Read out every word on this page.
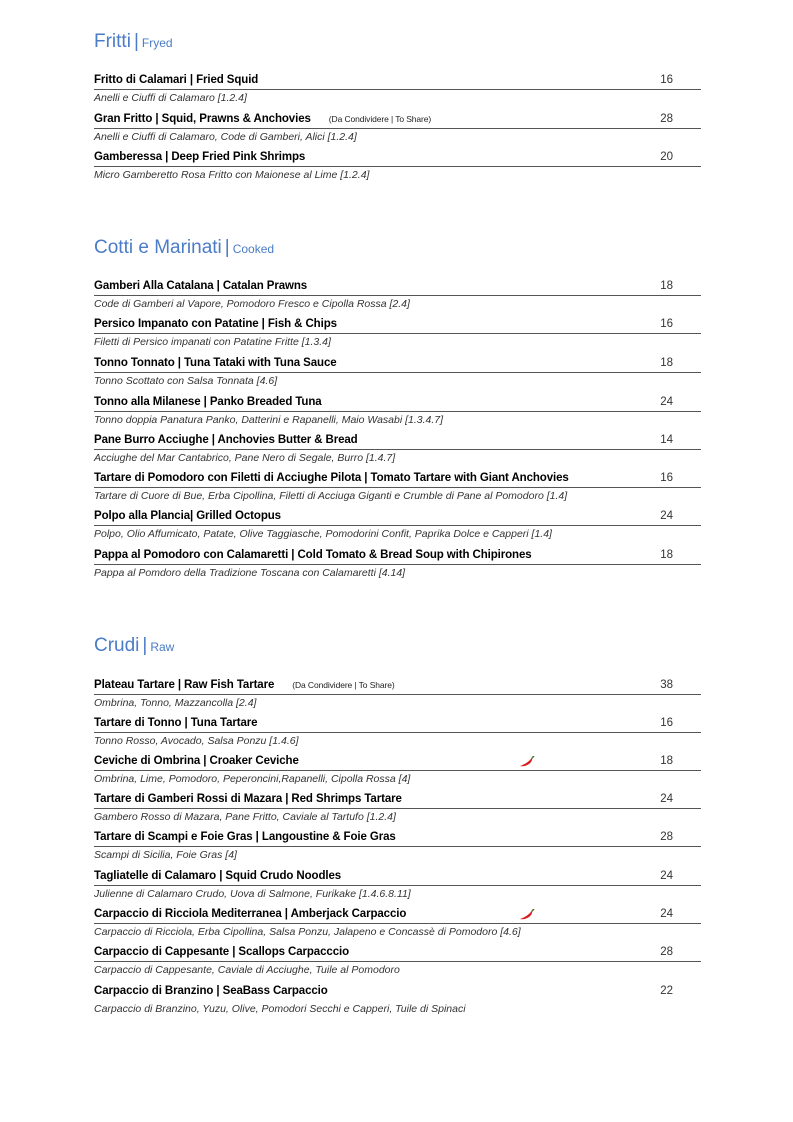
Fritti | Fryed
Fritto di Calamari | Fried Squid	16
Anelli e Ciuffi di Calamaro [1.2.4]
Gran Fritto | Squid, Prawns & Anchovies (Da Condividere | To Share)	28
Anelli e Ciuffi di Calamaro, Code di Gamberi, Alici [1.2.4]
Gamberessa | Deep Fried Pink Shrimps	20
Micro Gamberetto Rosa Fritto con Maionese al Lime [1.2.4]
Cotti e Marinati | Cooked
Gamberi Alla Catalana | Catalan Prawns	18
Code di Gamberi al Vapore, Pomodoro Fresco e Cipolla Rossa [2.4]
Persico Impanato con Patatine | Fish & Chips	16
Filetti di Persico impanati con Patatine Fritte [1.3.4]
Tonno Tonnato | Tuna Tataki with Tuna Sauce	18
Tonno Scottato con Salsa Tonnata [4.6]
Tonno alla Milanese | Panko Breaded Tuna	24
Tonno doppia Panatura Panko, Datterini e Rapanelli, Maio Wasabi [1.3.4.7]
Pane Burro Acciughe | Anchovies Butter & Bread	14
Acciughe del Mar Cantabrico, Pane Nero di Segale, Burro [1.4.7]
Tartare di Pomodoro con Filetti di Acciughe Pilota | Tomato Tartare with Giant Anchovies	16
Tartare di Cuore di Bue, Erba Cipollina, Filetti di Acciuga Giganti e Crumble di Pane al Pomodoro [1.4]
Polpo alla Plancia| Grilled Octopus	24
Polpo, Olio Affumicato, Patate, Olive Taggiasche, Pomodorini Confit, Paprika Dolce e Capperi [1.4]
Pappa al Pomodoro con Calamaretti | Cold Tomato & Bread Soup with Chipirones	18
Pappa al Pomdoro della Tradizione Toscana con Calamaretti [4.14]
Crudi | Raw
Plateau Tartare | Raw Fish Tartare (Da Condividere | To Share)	38
Ombrina, Tonno, Mazzancolla [2.4]
Tartare di Tonno | Tuna Tartare	16
Tonno Rosso, Avocado, Salsa Ponzu [1.4.6]
Ceviche di Ombrina | Croaker Ceviche	18
Ombrina, Lime, Pomodoro, Peperoncini,Rapanelli, Cipolla Rossa [4]
Tartare di Gamberi Rossi di Mazara | Red Shrimps Tartare	24
Gambero Rosso di Mazara, Pane Fritto, Caviale al Tartufo [1.2.4]
Tartare di Scampi e Foie Gras | Langoustine & Foie Gras	28
Scampi di Sicilia, Foie Gras [4]
Tagliatelle di Calamaro | Squid Crudo Noodles	24
Julienne di Calamaro Crudo, Uova di Salmone, Furikake [1.4.6.8.11]
Carpaccio di Ricciola Mediterranea | Amberjack Carpaccio	24
Carpaccio di Ricciola, Erba Cipollina, Salsa Ponzu, Jalapeno e Concassè di Pomodoro [4.6]
Carpaccio di Cappesante | Scallops Carpacccio	28
Carpaccio di Cappesante, Caviale di Acciughe, Tuile al Pomodoro
Carpaccio di Branzino | SeaBass Carpaccio	22
Carpaccio di Branzino, Yuzu, Olive, Pomodori Secchi e Capperi, Tuile di Spinaci
